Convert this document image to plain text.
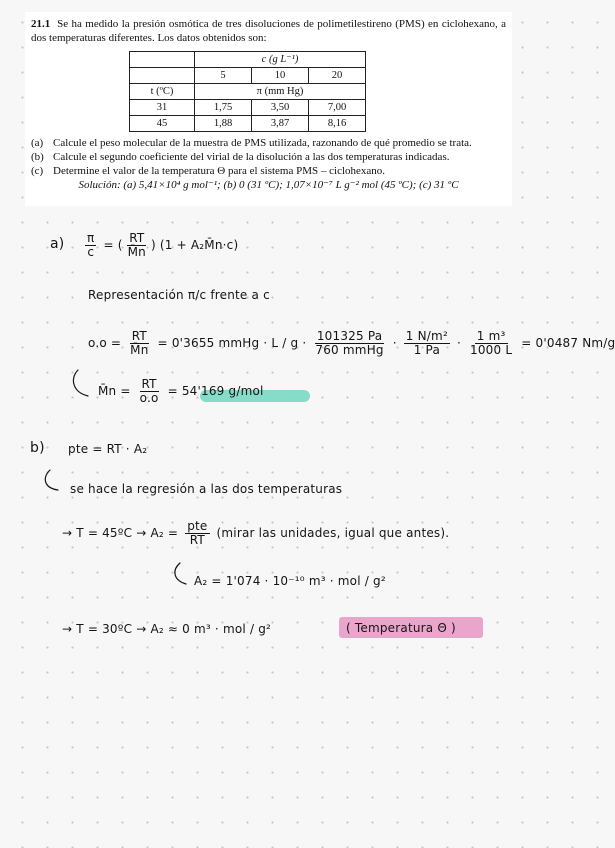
21.1 Se ha medido la presión osmótica de tres disoluciones de polimetilestireno (PMS) en ciclohexano, a dos temperaturas diferentes. Los datos obtenidos son:

	c (g L⁻¹)		
	5	10	20
t (ºC)	π (mm Hg)		
31	1,75	3,50	7,00
45	1,88	3,87	8,16
(a) Calcule el peso molecular de la muestra de PMS utilizada, razonando de qué promedio se trata.
(b) Calcule el segundo coeficiente del virial de la disolución a las dos temperaturas indicadas.
(c) Determine el valor de la temperatura Θ para el sistema PMS – ciclohexano.

Solución: (a) 5,41×10⁴ g mol⁻¹; (b) 0 (31 ºC); 1,07×10⁻⁷ L g⁻² mol (45 ºC); (c) 31 ºC

$a) \frac{\pi}{c}$ = ( $\frac{RT}{M̄n}$ ) (1 + A₂M̄n·c)
Representación π/c frente a c
$o.o = \frac{RT}{M̄n} = 0'3655$ mmHg · $L / g \cdot \frac{101325 Pa}{\text{760 mmHg}} \cdot \frac{\text{1 N/m²}}{1 Pa} \cdot \frac{\text{1 m³}}{1000 L} = 0'0487$ Nm/g
M̄n = $\frac{RT}{o.o} = 54'169$ g/mol
b) pte = RT · A₂
se hace la regresión a las dos temperaturas
→ T = 45ºC → $A_2 = \frac{\text{pte}}{RT}$ (mirar las unidades, igual que antes).
A₂ = 1'074 · 10⁻¹⁰ m³ · mol / g²
→ T = 30ºC → A₂ ≈ 0 m³ · mol / g²	( Temperatura Θ )
